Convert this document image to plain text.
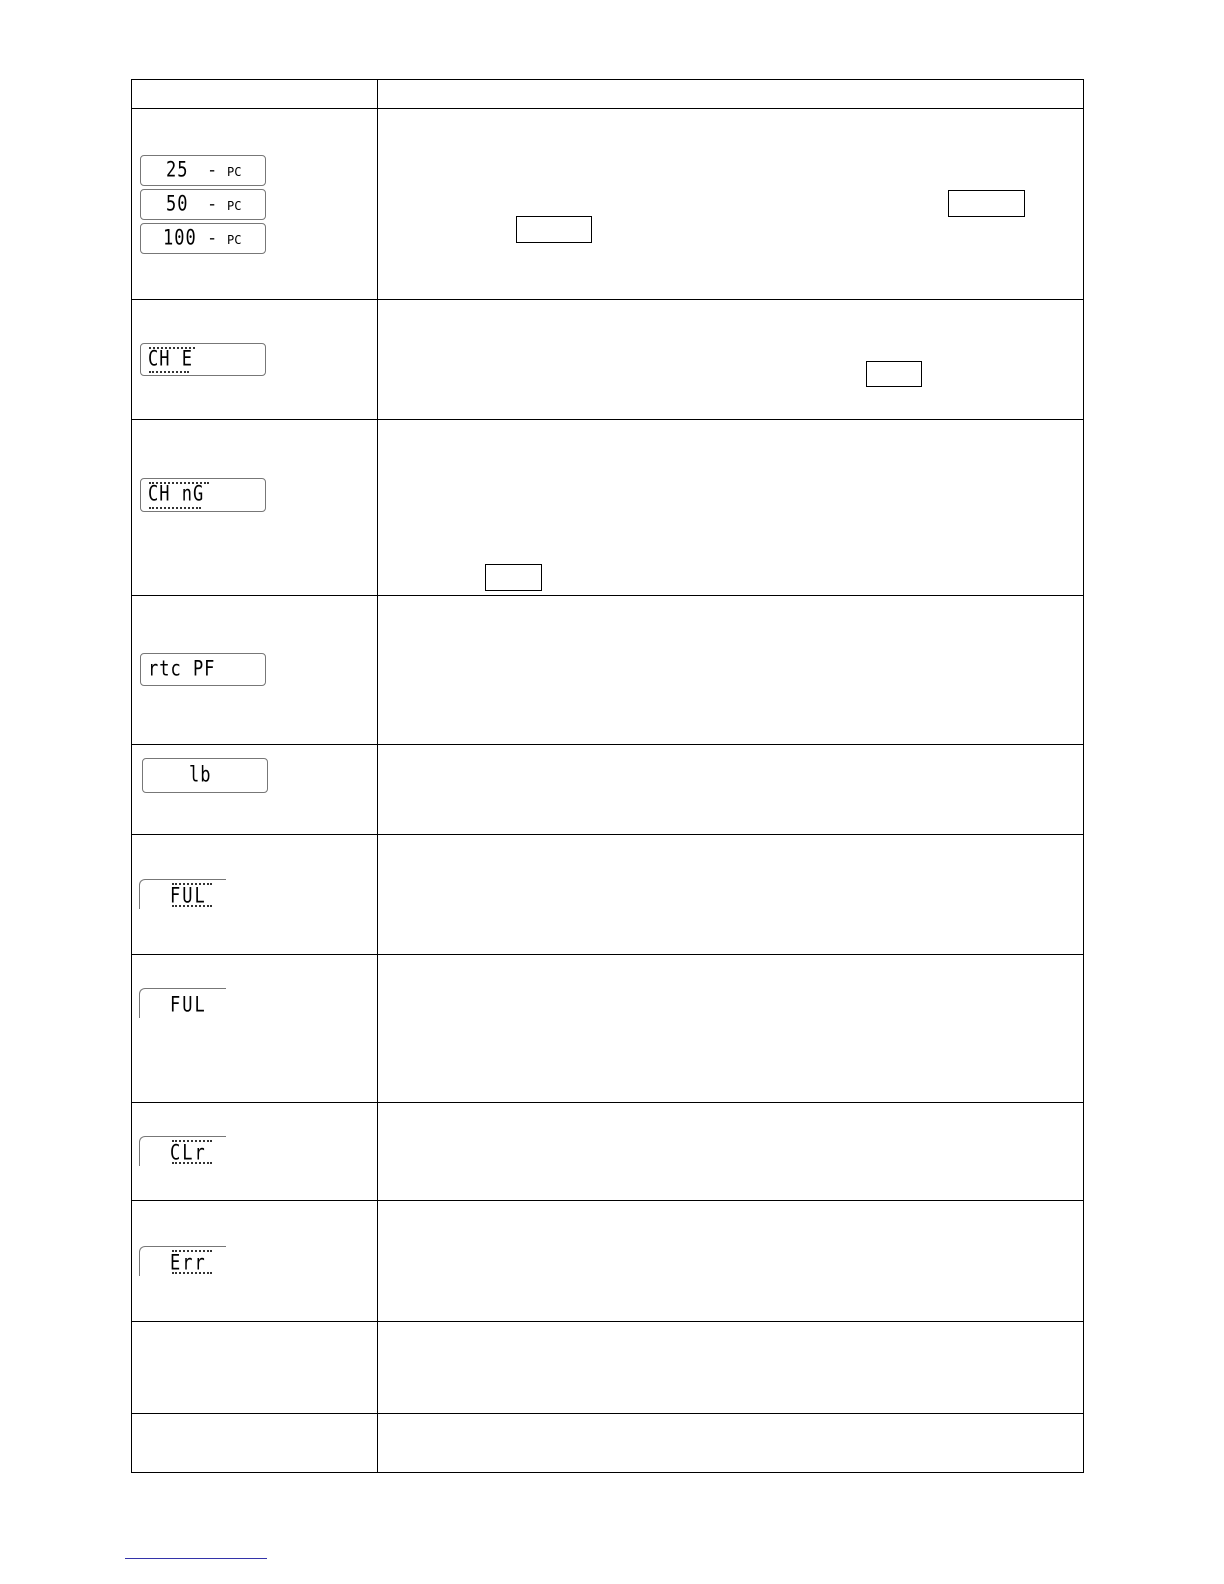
25

-

PC

50

-

PC

100

-

PC

CH E

CH nG

rtc PF

lb

FUL
FUL
CLr
Err
